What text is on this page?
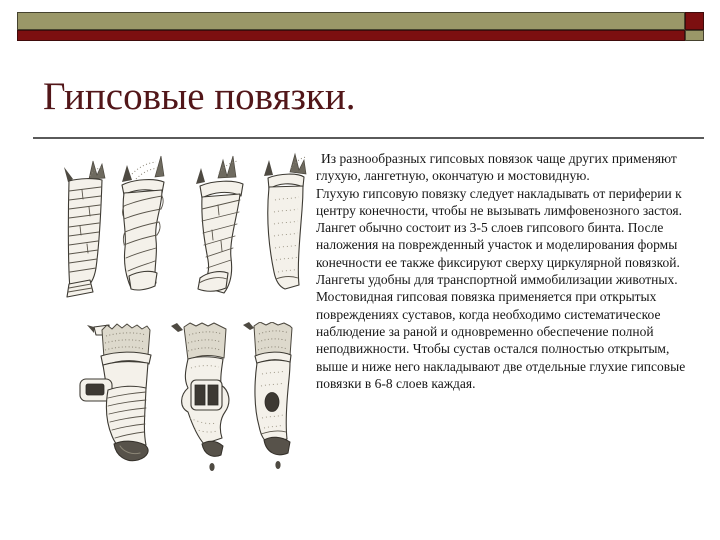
Гипсовые повязки.

Из разнообразных гипсовых повязок чаще других применяют глухую, лангетную, окончатую и мостовидную.

Глухую гипсовую повязку следует накладывать от периферии к центру конечности, чтобы не вызывать лимфовенозного застоя.

Лангет обычно состоит из 3-5 слоев гипсового бинта. После наложения на поврежденный участок и моделирования формы конечности ее также фиксируют сверху циркулярной повязкой. Лангеты удобны для транспортной иммобилизации животных.

Мостовидная гипсовая повязка применяется при открытых повреждениях суставов, когда необходимо систематическое наблюдение за раной и одновременно обеспечение полной неподвижности. Чтобы сустав остался полностью открытым, выше и ниже него накладывают две отдельные глухие гипсовые повязки в 6-8 слоев каждая.
